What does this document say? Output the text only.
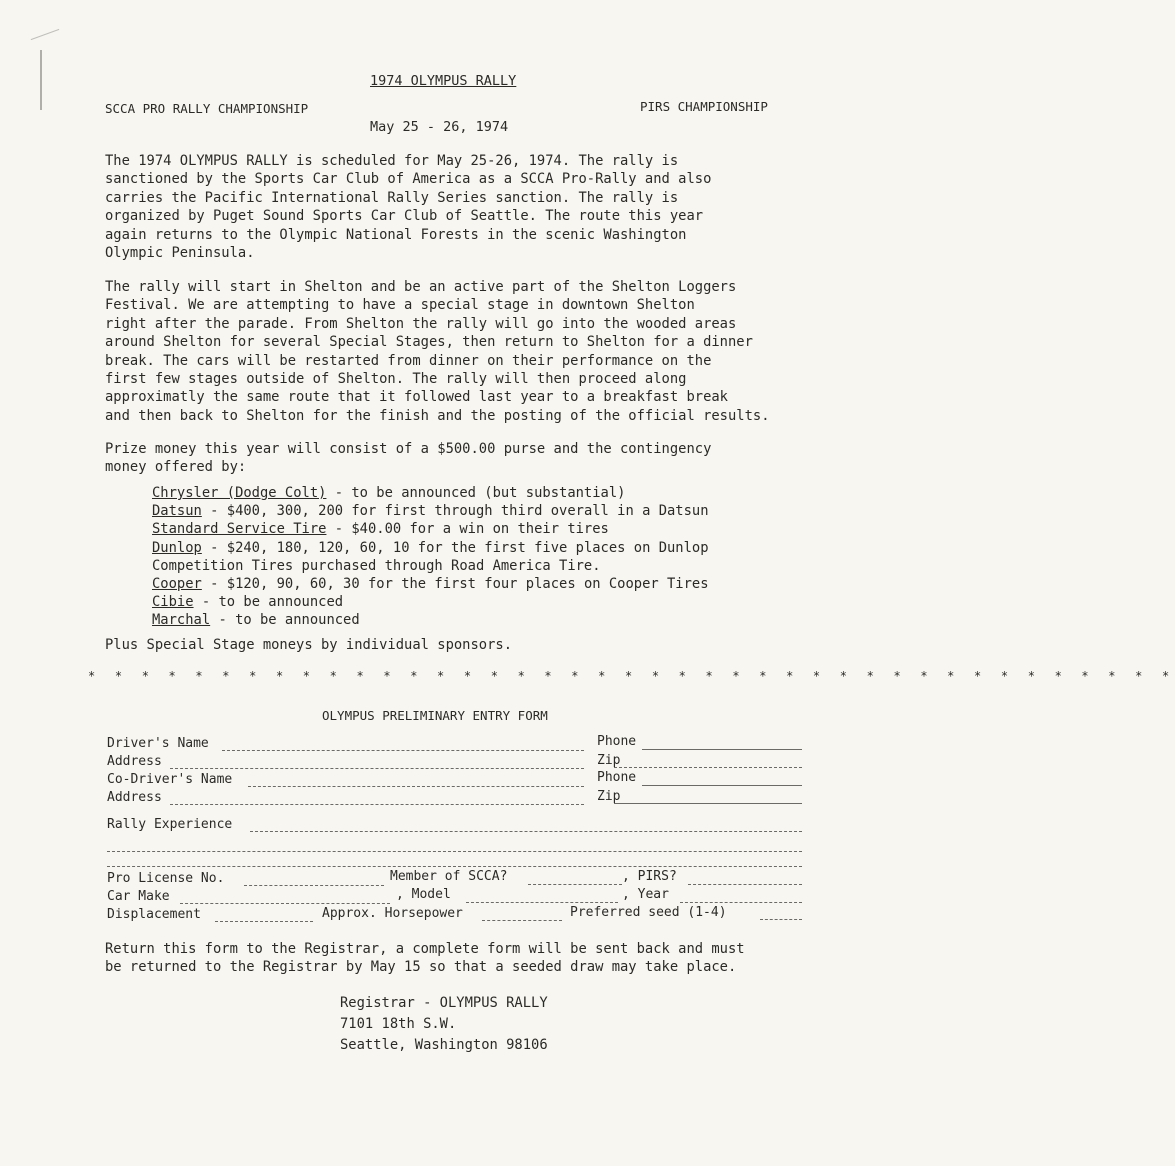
1974 OLYMPUS RALLY
SCCA PRO RALLY CHAMPIONSHIP	PIRS CHAMPIONSHIP
May 25 - 26, 1974

The 1974 OLYMPUS RALLY is scheduled for May 25-26, 1974. The rally is
sanctioned by the Sports Car Club of America as a SCCA Pro-Rally and also
carries the Pacific International Rally Series sanction. The rally is
organized by Puget Sound Sports Car Club of Seattle. The route this year
again returns to the Olympic National Forests in the scenic Washington
Olympic Peninsula.

The rally will start in Shelton and be an active part of the Shelton Loggers
Festival. We are attempting to have a special stage in downtown Shelton
right after the parade. From Shelton the rally will go into the wooded areas
around Shelton for several Special Stages, then return to Shelton for a dinner
break. The cars will be restarted from dinner on their performance on the
first few stages outside of Shelton. The rally will then proceed along
approximatly the same route that it followed last year to a breakfast break
and then back to Shelton for the finish and the posting of the official results.

Prize money this year will consist of a $500.00 purse and the contingency
money offered by:

Chrysler (Dodge Colt) - to be announced (but substantial)
Datsun - $400, 300, 200 for first through third overall in a Datsun
Standard Service Tire - $40.00 for a win on their tires
Dunlop - $240, 180, 120, 60, 10 for the first five places on Dunlop
Competition Tires purchased through Road America Tire.
Cooper - $120, 90, 60, 30 for the first four places on Cooper Tires
Cibie - to be announced
Marchal - to be announced
Plus Special Stage moneys by individual sponsors.
* * * * * * * * * * * * * * * * * * * * * * * * * * * * * * * * * * * * * * * * *
OLYMPUS PRELIMINARY ENTRY FORM
Driver's Name	Phone
Address	Zip
Co-Driver's Name	Phone
Address	Zip
Rally Experience
Pro License No.	Member of SCCA?	, PIRS?
Car Make	, Model	, Year
Displacement	Approx. Horsepower	Preferred seed (1-4)

Return this form to the Registrar, a complete form will be sent back and must
be returned to the Registrar by May 15 so that a seeded draw may take place.

Registrar - OLYMPUS RALLY
7101 18th S.W.
Seattle, Washington 98106
